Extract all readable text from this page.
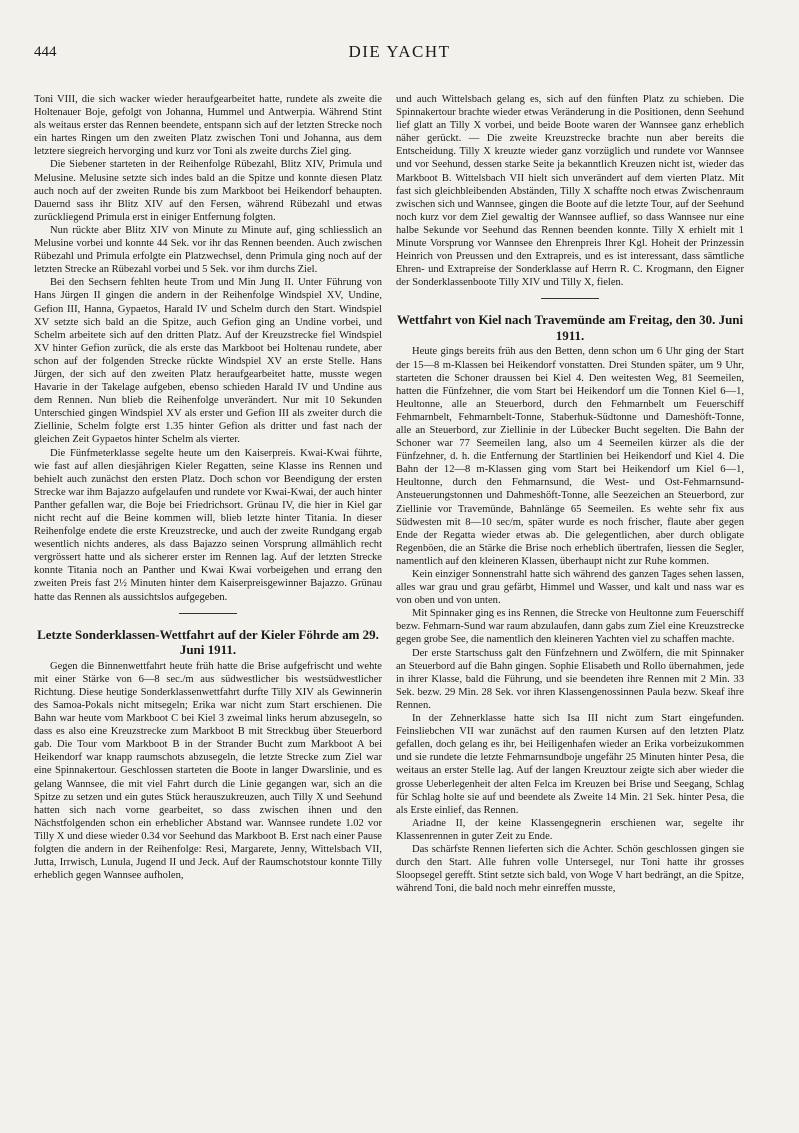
444	DIE YACHT

Toni VIII, die sich wacker wieder heraufgearbeitet hatte, rundete als zweite die Holtenauer Boje, gefolgt von Johanna, Hummel und Antwerpia. Während Stint als weitaus erster das Rennen beendete, entspann sich auf der letzten Strecke noch ein hartes Ringen um den zweiten Platz zwischen Toni und Johanna, aus dem letztere siegreich hervorging und kurz vor Toni als zweite durchs Ziel ging.

Die Siebener starteten in der Reihenfolge Rübezahl, Blitz XIV, Primula und Melusine. Melusine setzte sich indes bald an die Spitze und konnte diesen Platz auch noch auf der zweiten Runde bis zum Markboot bei Heikendorf behaupten. Dauernd sass ihr Blitz XIV auf den Fersen, während Rübezahl und etwas zurückliegend Primula erst in einiger Entfernung folgten.

Nun rückte aber Blitz XIV von Minute zu Minute auf, ging schliesslich an Melusine vorbei und konnte 44 Sek. vor ihr das Rennen beenden. Auch zwischen Rübezahl und Primula erfolgte ein Platzwechsel, denn Primula ging noch auf der letzten Strecke an Rübezahl vorbei und 5 Sek. vor ihm durchs Ziel.

Bei den Sechsern fehlten heute Trom und Min Jung II. Unter Führung von Hans Jürgen II gingen die andern in der Reihenfolge Windspiel XV, Undine, Gefion III, Hanna, Gypaetos, Harald IV und Schelm durch den Start. Windspiel XV setzte sich bald an die Spitze, auch Gefion ging an Undine vorbei, und Schelm arbeitete sich auf den dritten Platz. Auf der Kreuzstrecke fiel Windspiel XV hinter Gefion zurück, die als erste das Markboot bei Holtenau rundete, aber schon auf der folgenden Strecke rückte Windspiel XV an erste Stelle. Hans Jürgen, der sich auf den zweiten Platz heraufgearbeitet hatte, musste wegen Havarie in der Takelage aufgeben, ebenso schieden Harald IV und Undine aus dem Rennen. Nun blieb die Reihenfolge unverändert. Nur mit 10 Sekunden Unterschied gingen Windspiel XV als erster und Gefion III als zweiter durch die Ziellinie, Schelm folgte erst 1.35 hinter Gefion als dritter und fast nach der gleichen Zeit Gypaetos hinter Schelm als vierter.

Die Fünfmeterklasse segelte heute um den Kaiserpreis. Kwai-Kwai führte, wie fast auf allen diesjährigen Kieler Regatten, seine Klasse ins Rennen und behielt auch zunächst den ersten Platz. Doch schon vor Beendigung der ersten Strecke war ihm Bajazzo aufgelaufen und rundete vor Kwai-Kwai, der auch hinter Panther gefallen war, die Boje bei Friedrichsort. Grünau IV, die hier in Kiel gar nicht recht auf die Beine kommen will, blieb letzte hinter Titania. In dieser Reihenfolge endete die erste Kreuzstrecke, und auch der zweite Rundgang ergab wesentlich nichts anderes, als dass Bajazzo seinen Vorsprung allmählich recht vergrössert hatte und als sicherer erster im Rennen lag. Auf der letzten Strecke konnte Titania noch an Panther und Kwai Kwai vorbeigehen und errang den zweiten Preis fast 2½ Minuten hinter dem Kaiserpreisgewinner Bajazzo. Grünau hatte das Rennen als aussichtslos aufgegeben.

Letzte Sonderklassen-Wettfahrt auf der Kieler Föhrde am 29. Juni 1911.

Gegen die Binnenwettfahrt heute früh hatte die Brise aufgefrischt und wehte mit einer Stärke von 6—8 sec./m aus südwestlicher bis westsüdwestlicher Richtung. Diese heutige Sonderklassenwettfahrt durfte Tilly XIV als Gewinnerin des Samoa-Pokals nicht mitsegeln; Erika war nicht zum Start erschienen. Die Bahn war heute vom Markboot C bei Kiel 3 zweimal links herum abzusegeln, so dass es also eine Kreuzstrecke zum Markboot B mit Streckbug über Steuerbord gab. Die Tour vom Markboot B in der Strander Bucht zum Markboot A bei Heikendorf war knapp raumschots abzusegeln, die letzte Strecke zum Ziel war eine Spinnakertour. Geschlossen starteten die Boote in langer Dwarslinie, und es gelang Wannsee, die mit viel Fahrt durch die Linie gegangen war, sich an die Spitze zu setzen und ein gutes Stück herauszukreuzen, auch Tilly X und Seehund hatten sich nach vorne gearbeitet, so dass zwischen ihnen und den Nächstfolgenden schon ein erheblicher Abstand war. Wannsee rundete 1.02 vor Tilly X und diese wieder 0.34 vor Seehund das Markboot B. Erst nach einer Pause folgten die andern in der Reihenfolge: Resi, Margarete, Jenny, Wittelsbach VII, Jutta, Irrwisch, Lunula, Jugend II und Jeck. Auf der Raumschotstour konnte Tilly erheblich gegen Wannsee aufholen,

und auch Wittelsbach gelang es, sich auf den fünften Platz zu schieben. Die Spinnakertour brachte wieder etwas Veränderung in die Positionen, denn Seehund lief glatt an Tilly X vorbei, und beide Boote waren der Wannsee ganz erheblich näher gerückt. — Die zweite Kreuzstrecke brachte nun aber bereits die Entscheidung. Tilly X kreuzte wieder ganz vorzüglich und rundete vor Wannsee und vor Seehund, dessen starke Seite ja bekanntlich Kreuzen nicht ist, wieder das Markboot B. Wittelsbach VII hielt sich unverändert auf dem vierten Platz. Mit fast sich gleichbleibenden Abständen, Tilly X schaffte noch etwas Zwischenraum zwischen sich und Wannsee, gingen die Boote auf die letzte Tour, auf der Seehund noch kurz vor dem Ziel gewaltig der Wannsee auflief, so dass Wannsee nur eine halbe Sekunde vor Seehund das Rennen beenden konnte. Tilly X erhielt mit 1 Minute Vorsprung vor Wannsee den Ehrenpreis Ihrer Kgl. Hoheit der Prinzessin Heinrich von Preussen und den Extrapreis, und es ist interessant, dass sämtliche Ehren- und Extrapreise der Sonderklasse auf Herrn R. C. Krogmann, den Eigner der Sonderklassenboote Tilly XIV und Tilly X, fielen.

Wettfahrt von Kiel nach Travemünde am Freitag, den 30. Juni 1911.

Heute gings bereits früh aus den Betten, denn schon um 6 Uhr ging der Start der 15—8 m-Klassen bei Heikendorf vonstatten. Drei Stunden später, um 9 Uhr, starteten die Schoner draussen bei Kiel 4. Den weitesten Weg, 81 Seemeilen, hatten die Fünfzehner, die vom Start bei Heikendorf um die Tonnen Kiel 6—1, Heultonne, alle an Steuerbord, durch den Fehmarnbelt um Feuerschiff Fehmarnbelt, Fehmarnbelt-Tonne, Staberhuk-Südtonne und Dameshöft-Tonne, alle an Steuerbord, zur Ziellinie in der Lübecker Bucht segelten. Die Bahn der Schoner war 77 Seemeilen lang, also um 4 Seemeilen kürzer als die der Fünfzehner, d. h. die Entfernung der Startlinien bei Heikendorf und Kiel 4. Die Bahn der 12—8 m-Klassen ging vom Start bei Heikendorf um Kiel 6—1, Heultonne, durch den Fehmarnsund, die West- und Ost-Fehmarnsund-Ansteuerungstonnen und Dahmeshöft-Tonne, alle Seezeichen an Steuerbord, zur Ziellinie vor Travemünde, Bahnlänge 65 Seemeilen. Es wehte sehr fix aus Südwesten mit 8—10 sec/m, später wurde es noch frischer, flaute aber gegen Ende der Regatta wieder etwas ab. Die gelegentlichen, aber durch obligate Regenböen, die an Stärke die Brise noch erheblich übertrafen, liessen die Segler, namentlich auf den kleineren Klassen, überhaupt nicht zur Ruhe kommen.

Kein einziger Sonnenstrahl hatte sich während des ganzen Tages sehen lassen, alles war grau und grau gefärbt, Himmel und Wasser, und kalt und nass war es von oben und von unten.

Mit Spinnaker ging es ins Rennen, die Strecke von Heultonne zum Feuerschiff bezw. Fehmarn-Sund war raum abzulaufen, dann gabs zum Ziel eine Kreuzstrecke gegen grobe See, die namentlich den kleineren Yachten viel zu schaffen machte.

Der erste Startschuss galt den Fünfzehnern und Zwölfern, die mit Spinnaker an Steuerbord auf die Bahn gingen. Sophie Elisabeth und Rollo übernahmen, jede in ihrer Klasse, bald die Führung, und sie beendeten ihre Rennen mit 2 Min. 33 Sek. bezw. 29 Min. 28 Sek. vor ihren Klassengenossinnen Paula bezw. Skeaf ihre Rennen.

In der Zehnerklasse hatte sich Isa III nicht zum Start eingefunden. Feinsliebchen VII war zunächst auf den raumen Kursen auf den letzten Platz gefallen, doch gelang es ihr, bei Heiligenhafen wieder an Erika vorbeizukommen und sie rundete die letzte Fehmarnsundboje ungefähr 25 Minuten hinter Pesa, die weitaus an erster Stelle lag. Auf der langen Kreuztour zeigte sich aber wieder die grosse Ueberlegenheit der alten Felca im Kreuzen bei Brise und Seegang, Schlag für Schlag holte sie auf und beendete als Zweite 14 Min. 21 Sek. hinter Pesa, die als Erste einlief, das Rennen.

Ariadne II, der keine Klassengegnerin erschienen war, segelte ihr Klassenrennen in guter Zeit zu Ende.

Das schärfste Rennen lieferten sich die Achter. Schön geschlossen gingen sie durch den Start. Alle fuhren volle Untersegel, nur Toni hatte ihr grosses Sloopsegel gerefft. Stint setzte sich bald, von Woge V hart bedrängt, an die Spitze, während Toni, die bald noch mehr einreffen musste,
